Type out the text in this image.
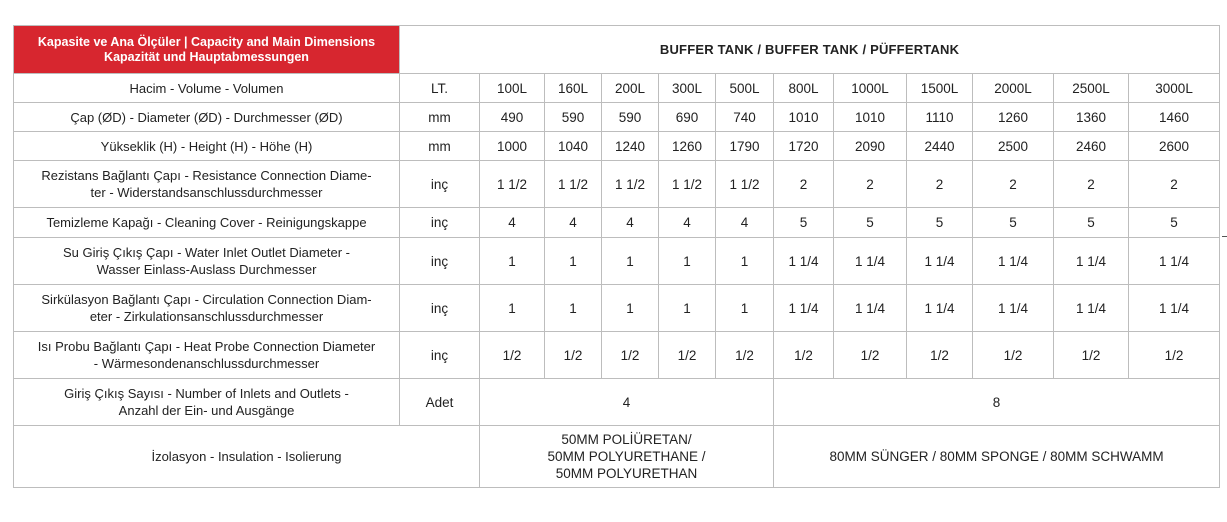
Kapasite ve Ana Ölçüler | Capacity and Main Dimensions
Kapazität und Hauptabmessungen	BUFFER TANK / BUFFER TANK / PÜFFERTANK											
Hacim - Volume - Volumen	LT.	100L	160L	200L	300L	500L	800L	1000L	1500L	2000L	2500L	3000L
Çap (ØD) - Diameter (ØD) - Durchmesser (ØD)	mm	490	590	590	690	740	1010	1010	1110	1260	1360	1460
Yükseklik (H) - Height (H) - Höhe (H)	mm	1000	1040	1240	1260	1790	1720	2090	2440	2500	2460	2600

Rezistans Bağlantı Çapı - Resistance Connection Diame-
ter - Widerstandsanschlussdurchmesser	inç	1 1/2	1 1/2	1 1/2	1 1/2	1 1/2	2	2	2	2	2	2
Temizleme Kapağı - Cleaning Cover - Reinigungskappe	inç	4	4	4	4	4	5	5	5	5	5	5

Su Giriş Çıkış Çapı - Water Inlet Outlet Diameter -
Wasser Einlass-Auslass Durchmesser	inç	1	1	1	1	1	1 1/4	1 1/4	1 1/4	1 1/4	1 1/4	1 1/4

Sirkülasyon Bağlantı Çapı - Circulation Connection Diam-
eter - Zirkulationsanschlussdurchmesser	inç	1	1	1	1	1	1 1/4	1 1/4	1 1/4	1 1/4	1 1/4	1 1/4

Isı Probu Bağlantı Çapı - Heat Probe Connection Diameter
- Wärmesondenanschlussdurchmesser	inç	1/2	1/2	1/2	1/2	1/2	1/2	1/2	1/2	1/2	1/2	1/2

Giriş Çıkış Sayısı - Number of Inlets and Outlets -
Anzahl der Ein- und Ausgänge	Adet	4					8					
İzolasyon - Insulation - Isolierung		50MM POLİÜRETAN/
50MM POLYURETHANE /
50MM POLYURETHAN					80MM SÜNGER / 80MM SPONGE / 80MM SCHWAMM					
